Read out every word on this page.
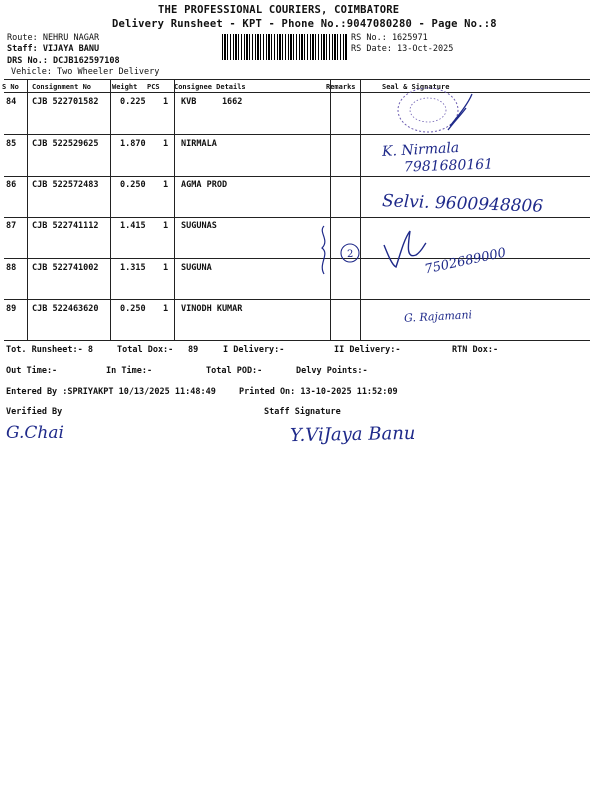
THE PROFESSIONAL COURIERS, COIMBATORE
Delivery Runsheet - KPT - Phone No.:9047080280 - Page No.:8
Route: NEHRU NAGAR
Staff: VIJAYA BANU
DRS No.: DCJB162597108
Vehicle: Two Wheeler Delivery
RS No.: 1625971
RS Date: 13-Oct-2025
S No Consignment No	Weight PCS Consignee Details	Remarks	Seal & Signature
84 CJB 522701582	0.225 1 KVB     1662
85 CJB 522529625	1.870 1 NIRMALA
86 CJB 522572483	0.250 1 AGMA PROD
87 CJB 522741112	1.415 1 SUGUNAS
88 CJB 522741002	1.315 1 SUGUNA
89 CJB 522463620	0.250 1 VINODH KUMAR
K. Nirmala
7981680161
Selvi. 9600948806
2	7502689000
G. Rajamani
Tot. Runsheet:- 8	Total Dox:- 89	I Delivery:-	II Delivery:-	RTN Dox:-
Out Time:-	In Time:-	Total POD:-	Delvy Points:-
Entered By :SPRIYAKPT 10/13/2025 11:48:49	Printed On: 13-10-2025 11:52:09
Verified By	Staff Signature
G.Chai	Y.ViJaya Banu
